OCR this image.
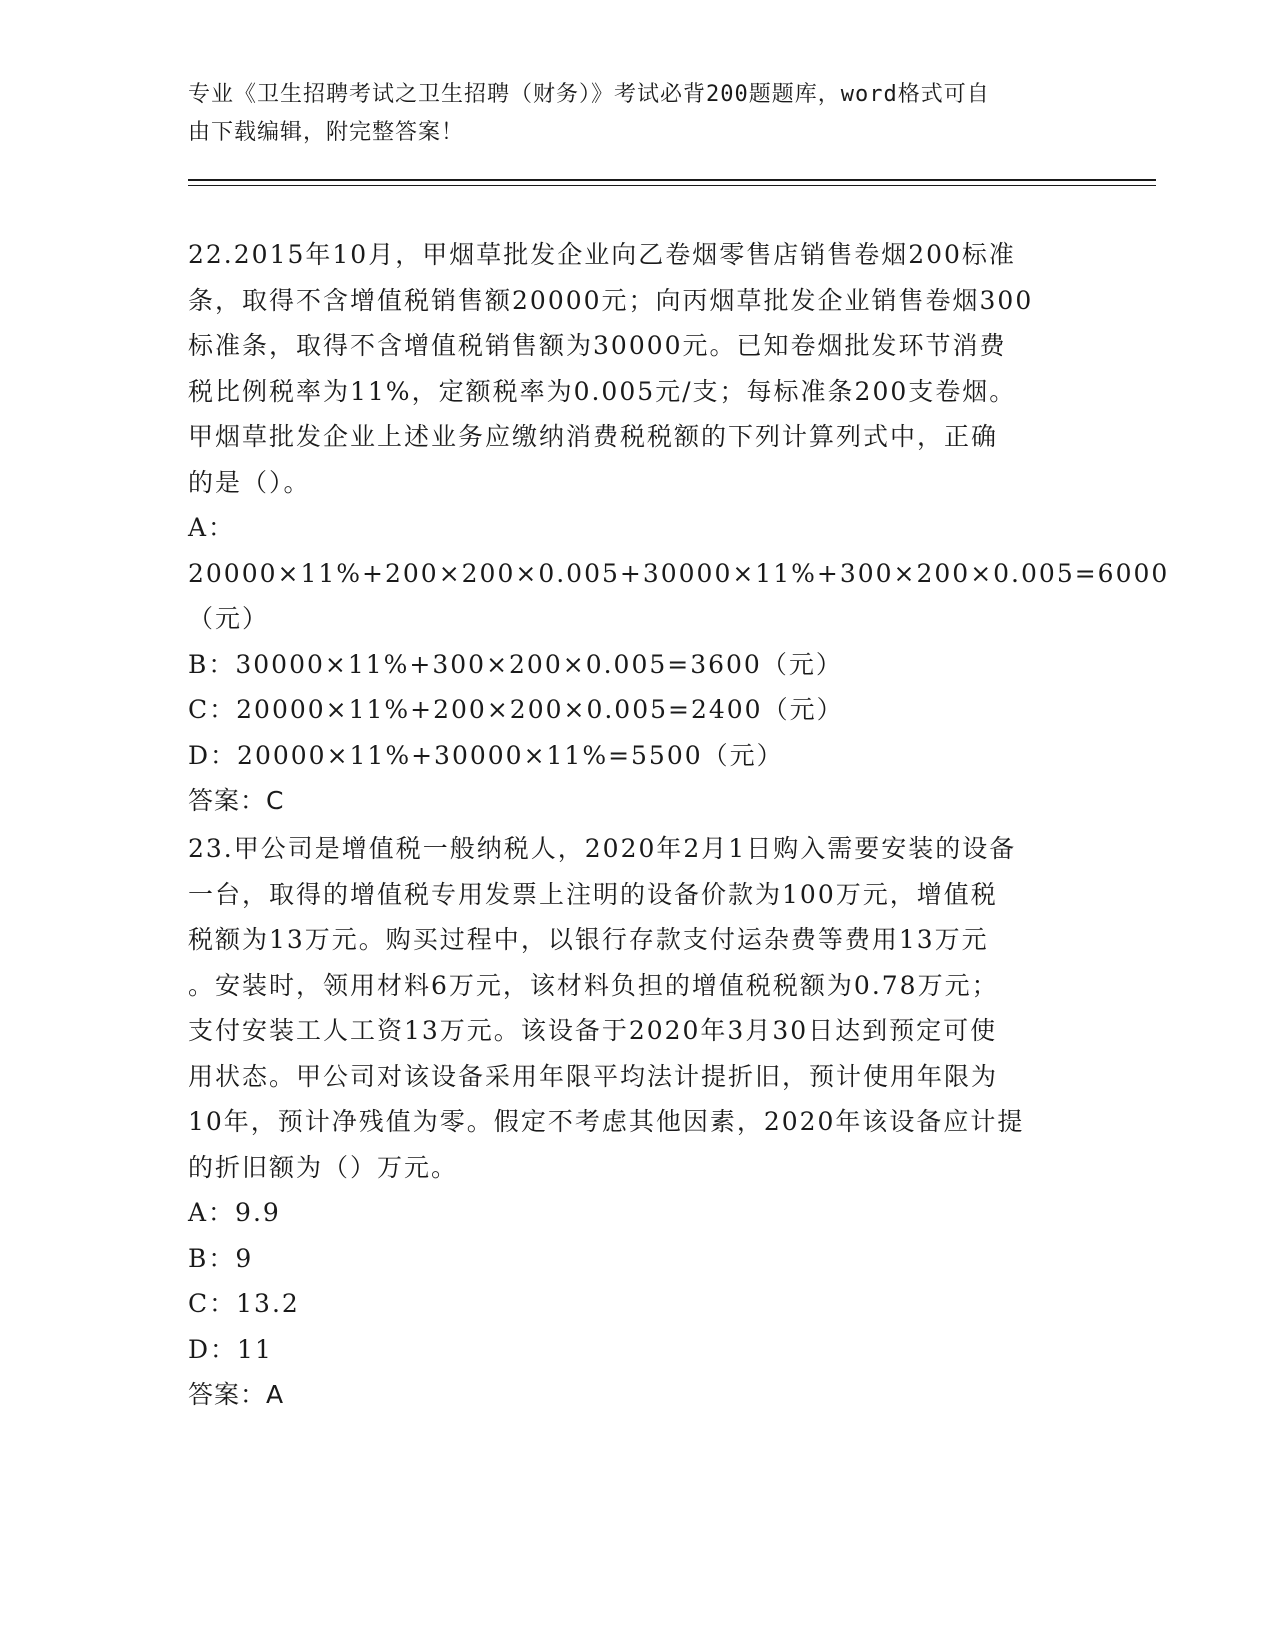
专业《卫生招聘考试之卫生招聘（财务）》考试必背200题题库，word格式可自
由下载编辑，附完整答案！

22.2015年10月，甲烟草批发企业向乙卷烟零售店销售卷烟200标准

条，取得不含增值税销售额20000元；向丙烟草批发企业销售卷烟300

标准条，取得不含增值税销售额为30000元。已知卷烟批发环节消费

税比例税率为11%，定额税率为0.005元/支；每标准条200支卷烟。

甲烟草批发企业上述业务应缴纳消费税税额的下列计算列式中，正确

的是（）。

A：20000×11%+200×200×0.005+30000×11%+300×200×0.005=6000

（元）

B：30000×11%+300×200×0.005=3600（元）

C：20000×11%+200×200×0.005=2400（元）

D：20000×11%+30000×11%=5500（元）

答案：C

23.甲公司是增值税一般纳税人，2020年2月1日购入需要安装的设备

一台，取得的增值税专用发票上注明的设备价款为100万元，增值税

税额为13万元。购买过程中，以银行存款支付运杂费等费用13万元

。安装时，领用材料6万元，该材料负担的增值税税额为0.78万元；

支付安装工人工资13万元。该设备于2020年3月30日达到预定可使

用状态。甲公司对该设备采用年限平均法计提折旧，预计使用年限为

10年，预计净残值为零。假定不考虑其他因素，2020年该设备应计提

的折旧额为（）万元。

A：9.9

B：9

C：13.2

D：11

答案：A
